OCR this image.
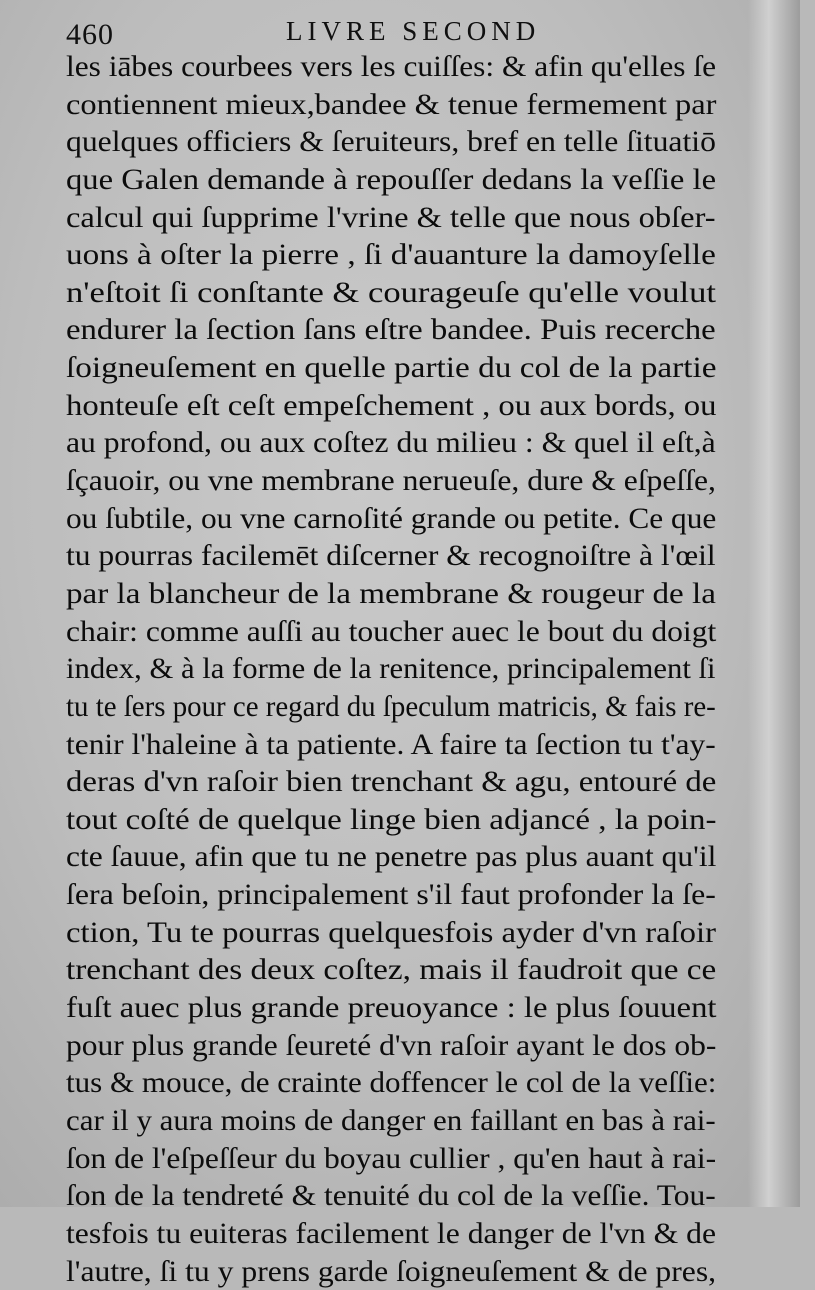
460	LIVRE SECOND
les iābes courbees vers les cuiſſes: & afin qu'elles ſe
contiennent mieux,bandee & tenue fermement par
quelques officiers & ſeruiteurs, bref en telle ſituatiō
que Galen demande à repouſſer dedans la veſſie le
calcul qui ſupprime l'vrine & telle que nous obſer-
uons à oſter la pierre , ſi d'auanture la damoyſelle
n'eſtoit ſi conſtante & courageuſe qu'elle voulut
endurer la ſection ſans eſtre bandee. Puis recerche
ſoigneuſement en quelle partie du col de la partie
honteuſe eſt ceſt empeſchement , ou aux bords, ou
au profond, ou aux coſtez du milieu : & quel il eſt,à
ſçauoir, ou vne membrane nerueuſe, dure & eſpeſſe,
ou ſubtile, ou vne carnoſité grande ou petite. Ce que
tu pourras facilemēt diſcerner & recognoiſtre à l'œil
par la blancheur de la membrane & rougeur de la
chair: comme auſſi au toucher auec le bout du doigt
index, & à la forme de la renitence, principalement ſi
tu te ſers pour ce regard du ſpeculum matricis, & fais re-
tenir l'haleine à ta patiente. A faire ta ſection tu t'ay-
deras d'vn raſoir bien trenchant & agu, entouré de
tout coſté de quelque linge bien adjancé , la poin-
cte ſauue, afin que tu ne penetre pas plus auant qu'il
ſera beſoin, principalement s'il faut profonder la ſe-
ction, Tu te pourras quelquesfois ayder d'vn raſoir
trenchant des deux coſtez, mais il faudroit que ce
fuſt auec plus grande preuoyance : le plus ſouuent
pour plus grande ſeureté d'vn raſoir ayant le dos ob-
tus & mouce, de crainte doffencer le col de la veſſie:
car il y aura moins de danger en faillant en bas à rai-
ſon de l'eſpeſſeur du boyau cullier , qu'en haut à rai-
ſon de la tendreté & tenuité du col de la veſſie. Tou-
tesfois tu euiteras facilement le danger de l'vn & de
l'autre, ſi tu y prens garde ſoigneuſement & de pres,
